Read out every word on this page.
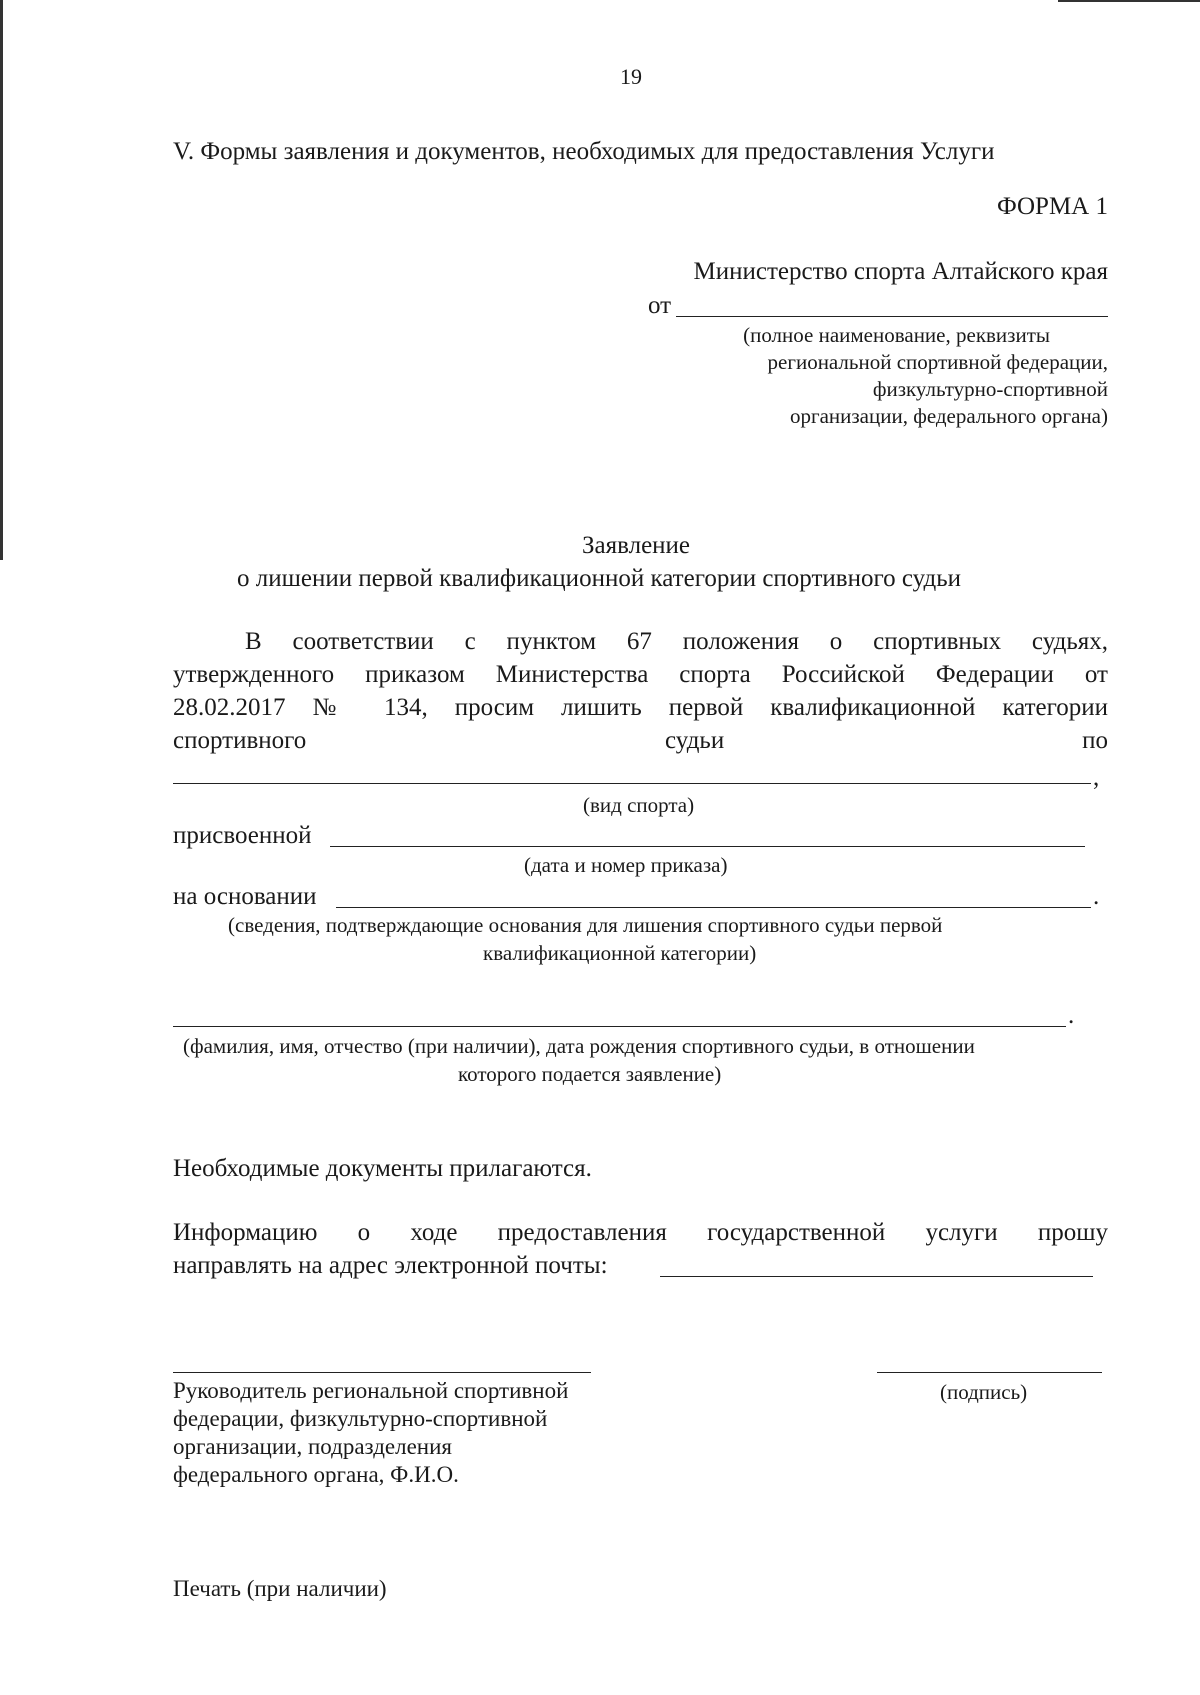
19
V. Формы заявления и документов, необходимых для предоставления Услуги
ФОРМА 1
Министерство спорта Алтайского края
от
(полное наименование, реквизиты
региональной спортивной федерации,
физкультурно-спортивной
организации, федерального органа)
Заявление
о лишении первой квалификационной категории спортивного судьи
В соответствии с пунктом 67 положения о спортивных судьях,
утвержденного приказом Министерства спорта Российской Федерации от
28.02.2017 № 134, просим лишить первой квалификационной категории
спортивного	судьи	по
,
(вид спорта)
присвоенной
(дата и номер приказа)
на основании	.
(сведения, подтверждающие основания для лишения спортивного судьи первой
квалификационной категории)
.
(фамилия, имя, отчество (при наличии), дата рождения спортивного судьи, в отношении
которого подается заявление)
Необходимые документы прилагаются.
Информацию о ходе предоставления государственной услуги прошу
направлять на адрес электронной почты:
Руководитель региональной спортивной
федерации, физкультурно-спортивной
организации, подразделения
федерального органа, Ф.И.О.
(подпись)
Печать (при наличии)
